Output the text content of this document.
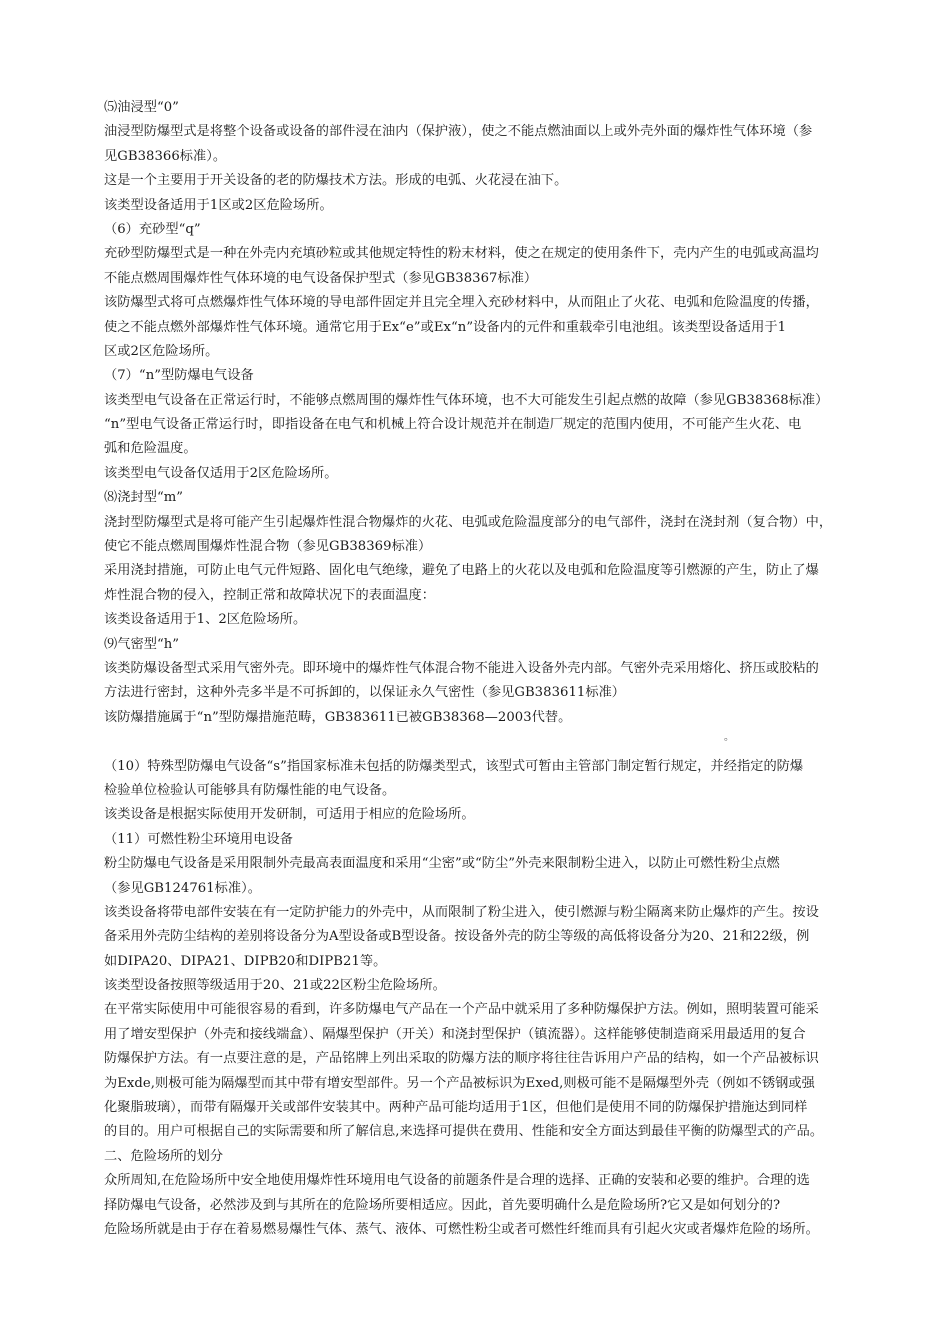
⑸油浸型“0”
油浸型防爆型式是将整个设备或设备的部件浸在油内（保护液），使之不能点燃油面以上或外壳外面的爆炸性气体环境（参
见GB38366标准）。
这是一个主要用于开关设备的老的防爆技术方法。形成的电弧、火花浸在油下。
该类型设备适用于1区或2区危险场所。
（6）充砂型“q”
充砂型防爆型式是一种在外壳内充填砂粒或其他规定特性的粉末材料，使之在规定的使用条件下，壳内产生的电弧或高温均
不能点燃周围爆炸性气体环境的电气设备保护型式（参见GB38367标准）
该防爆型式将可点燃爆炸性气体环境的导电部件固定并且完全埋入充砂材料中，从而阻止了火花、电弧和危险温度的传播，
使之不能点燃外部爆炸性气体环境。通常它用于Ex“e”或Ex“n”设备内的元件和重载牵引电池组。该类型设备适用于1
区或2区危险场所。
（7）“n”型防爆电气设备
该类型电气设备在正常运行时，不能够点燃周围的爆炸性气体环境，也不大可能发生引起点燃的故障（参见GB38368标准）
“n”型电气设备正常运行时，即指设备在电气和机械上符合设计规范并在制造厂规定的范围内使用，不可能产生火花、电
弧和危险温度。
该类型电气设备仅适用于2区危险场所。
⑻浇封型“m”
浇封型防爆型式是将可能产生引起爆炸性混合物爆炸的火花、电弧或危险温度部分的电气部件，浇封在浇封剂（复合物）中，
使它不能点燃周围爆炸性混合物（参见GB38369标准）
采用浇封措施，可防止电气元件短路、固化电气绝缘，避免了电路上的火花以及电弧和危险温度等引燃源的产生，防止了爆
炸性混合物的侵入，控制正常和故障状况下的表面温度：
该类设备适用于1、2区危险场所。
⑼气密型“h”
该类防爆设备型式采用气密外壳。即环境中的爆炸性气体混合物不能进入设备外壳内部。气密外壳采用熔化、挤压或胶粘的
方法进行密封，这种外壳多半是不可拆卸的，以保证永久气密性（参见GB383611标准）
该防爆措施属于“n”型防爆措施范畴，GB383611已被GB38368—2003代替。
（10）特殊型防爆电气设备“s”指国家标准未包括的防爆类型式，该型式可暂由主管部门制定暂行规定，并经指定的防爆
检验单位检验认可能够具有防爆性能的电气设备。
该类设备是根据实际使用开发研制，可适用于相应的危险场所。
（11）可燃性粉尘环境用电设备
粉尘防爆电气设备是采用限制外壳最高表面温度和采用“尘密”或“防尘”外壳来限制粉尘进入，以防止可燃性粉尘点燃
（参见GB124761标准）。
该类设备将带电部件安装在有一定防护能力的外壳中，从而限制了粉尘进入，使引燃源与粉尘隔离来防止爆炸的产生。按设
备采用外壳防尘结构的差别将设备分为A型设备或B型设备。按设备外壳的防尘等级的高低将设备分为20、21和22级，例
如DIPA20、DIPA21、DIPB20和DIPB21等。
该类型设备按照等级适用于20、21或22区粉尘危险场所。
在平常实际使用中可能很容易的看到，许多防爆电气产品在一个产品中就采用了多种防爆保护方法。例如，照明装置可能采
用了增安型保护（外壳和接线端盒）、隔爆型保护（开关）和浇封型保护（镇流器）。这样能够使制造商采用最适用的复合
防爆保护方法。有一点要注意的是，产品铭牌上列出采取的防爆方法的顺序将往往告诉用户产品的结构，如一个产品被标识
为Exde,则极可能为隔爆型而其中带有增安型部件。另一个产品被标识为Exed,则极可能不是隔爆型外壳（例如不锈钢或强
化聚脂玻璃），而带有隔爆开关或部件安装其中。两种产品可能均适用于1区，但他们是使用不同的防爆保护措施达到同样
的目的。用户可根据自己的实际需要和所了解信息,来选择可提供在费用、性能和安全方面达到最佳平衡的防爆型式的产品。
二、危险场所的划分
众所周知,在危险场所中安全地使用爆炸性环境用电气设备的前题条件是合理的选择、正确的安装和必要的维护。合理的选
择防爆电气设备，必然涉及到与其所在的危险场所要相适应。因此，首先要明确什么是危险场所?它又是如何划分的?
危险场所就是由于存在着易燃易爆性气体、蒸气、液体、可燃性粉尘或者可燃性纤维而具有引起火灾或者爆炸危险的场所。
。
